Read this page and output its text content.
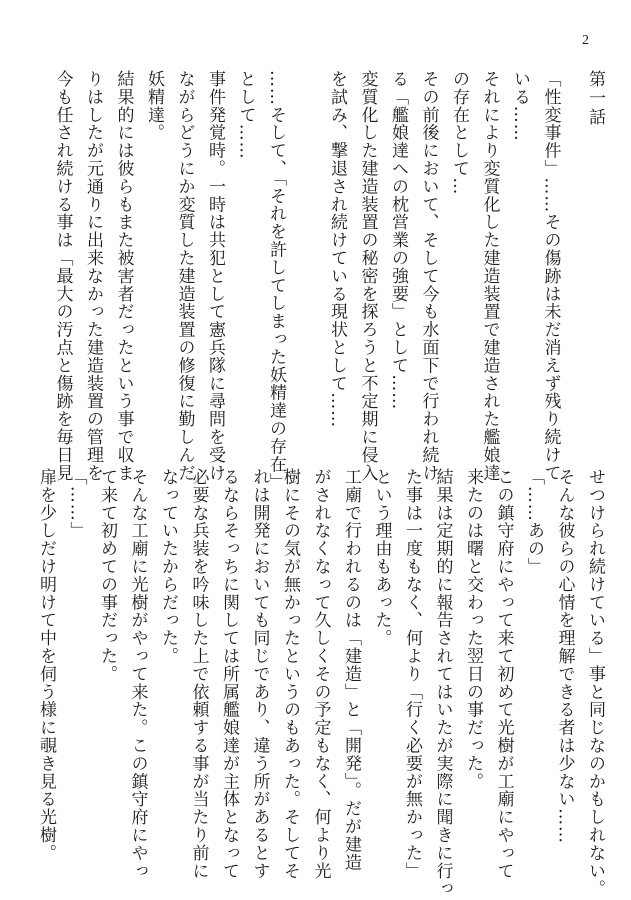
2
第一話
「性変事件」……その傷跡は未だ消えず残り続けて
いる……
それにより変質化した建造装置で建造された艦娘達
の存在として…
その前後において、そして今も水面下で行われ続け
る「艦娘達への枕営業の強要」として……
変質化した建造装置の秘密を探ろうと不定期に侵入
を試み、撃退され続けている現状として……

……そして、「それを許してしまった妖精達の存在」
として……
事件発覚時。一時は共犯として憲兵隊に尋問を受け
ながらどうにか変質した建造装置の修復に勤しんだ
妖精達。
結果的には彼らもまた被害者だったという事で収ま
りはしたが元通りに出来なかった建造装置の管理を
今も任され続ける事は「最大の汚点と傷跡を毎日見
せつけられ続けている」事と同じなのかもしれない。
そんな彼らの心情を理解できる者は少ない……
「……あの」
この鎮守府にやって来て初めて光樹が工廟にやって
来たのは曙と交わった翌日の事だった。
結果は定期的に報告されてはいたが実際に聞きに行っ
た事は一度もなく、何より「行く必要が無かった」
という理由もあった。
工廟で行われるのは「建造」と「開発」。だが建造
がされなくなって久しくその予定もなく、何より光
樹にその気が無かったというのもあった。そしてそ
れは開発においても同じであり、違う所があるとす
るならそっちに関しては所属艦娘達が主体となって
必要な兵装を吟味した上で依頼する事が当たり前に
なっていたからだった。
そんな工廟に光樹がやって来た。この鎮守府にやっ
て来て初めての事だった。
「……」
扉を少しだけ明けて中を伺う様に覗き見る光樹。
